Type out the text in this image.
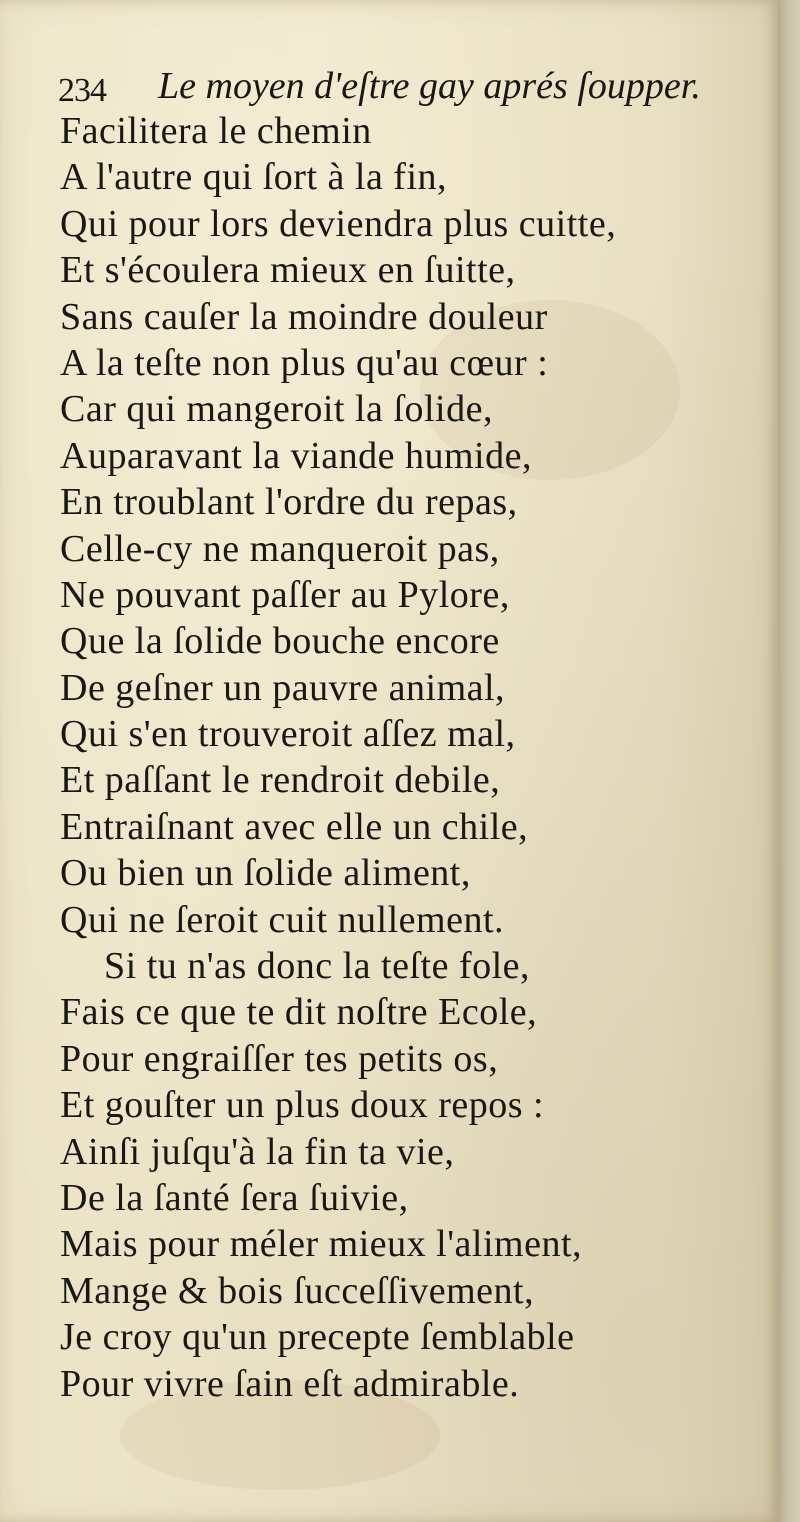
234 Le moyen d'eſtre gay aprés ſoupper.
Facilitera le chemin
A l'autre qui ſort à la fin,
Qui pour lors deviendra plus cuitte,
Et s'écoulera mieux en ſuitte,
Sans cauſer la moindre douleur
A la teſte non plus qu'au cœur :
Car qui mangeroit la ſolide,
Auparavant la viande humide,
En troublant l'ordre du repas,
Celle-cy ne manqueroit pas,
Ne pouvant paſſer au Pylore,
Que la ſolide bouche encore
De geſner un pauvre animal,
Qui s'en trouveroit aſſez mal,
Et paſſant le rendroit debile,
Entraiſnant avec elle un chile,
Ou bien un ſolide aliment,
Qui ne ſeroit cuit nullement.
Si tu n'as donc la teſte fole,
Fais ce que te dit noſtre Ecole,
Pour engraiſſer tes petits os,
Et gouſter un plus doux repos :
Ainſi juſqu'à la fin ta vie,
De la ſanté ſera ſuivie,
Mais pour méler mieux l'aliment,
Mange & bois ſucceſſivement,
Je croy qu'un precepte ſemblable
Pour vivre ſain eſt admirable.
